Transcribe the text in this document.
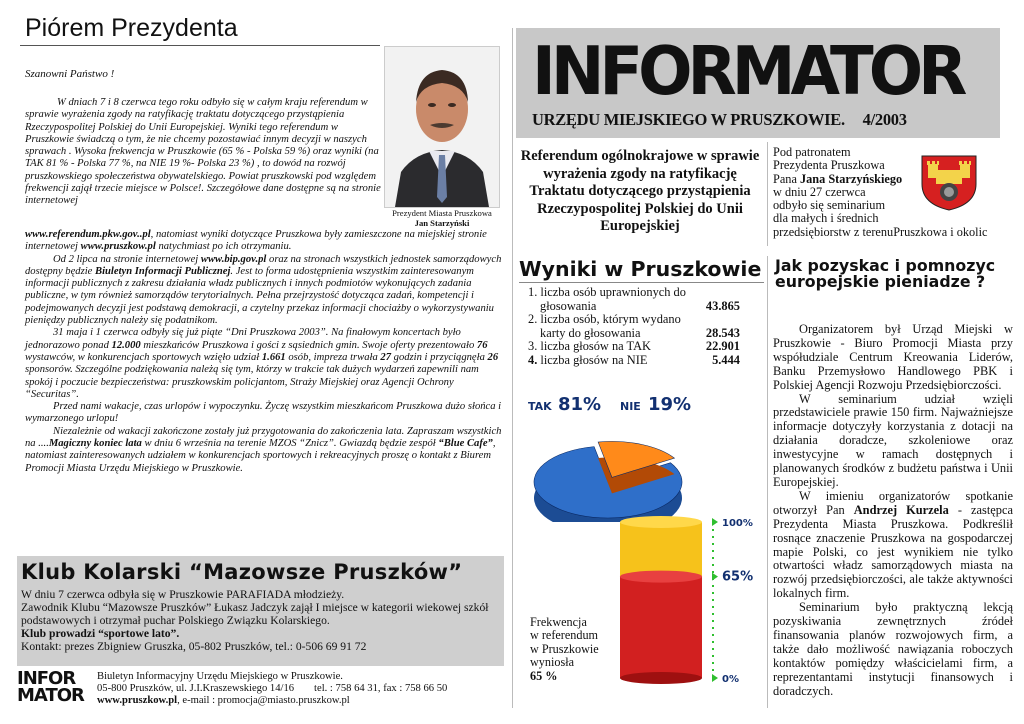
Piórem Prezydenta
Szanowni Państwo !

W dniach 7 i 8 czerwca tego roku odbyło się w całym kraju referendum w sprawie wyrażenia zgody na ratyfikację traktatu dotyczącego przystąpienia Rzeczypospolitej Polskiej do Unii Europejskiej. Wyniki tego referendum w Pruszkowie świadczą o tym, że nie chcemy pozostawiać innym decyzji w naszych sprawach . Wysoka frekwencja w Pruszkowie (65 % - Polska 59 %) oraz wyniki (na TAK 81 % - Polska 77 %, na NIE 19 %- Polska 23 %) , to dowód na rozwój pruszkowskiego społeczeństwa obywatelskiego. Powiat pruszkowski pod względem frekwencji zajął trzecie miejsce w Polsce!. Szczegółowe dane dostępne są na stronie internetowej

www.referendum.pkw.gov..pl, natomiast wyniki dotyczące Pruszkowa były zamieszczone na miejskiej stronie internetowej www.pruszkow.pl natychmiast po ich otrzymaniu.

Od 2 lipca na stronie internetowej www.bip.gov.pl oraz na stronach wszystkich jednostek samorządowych dostępny będzie Biuletyn Informacji Publicznej. Jest to forma udostępnienia wszystkim zainteresowanym informacji publicznych z zakresu działania władz publicznych i innych podmiotów wykonujących zadania publiczne, w tym również samorządów terytorialnych. Pełna przejrzystość dotycząca zadań, kompetencji i podejmowanych decyzji jest podstawą demokracji, a czytelny przekaz informacji chociażby o wykorzystywaniu pieniędzy publicznych należy się podatnikom.

31 maja i 1 czerwca odbyły się już piąte “Dni Pruszkowa 2003”. Na finałowym koncertach było jednorazowo ponad 12.000 mieszkańców Pruszkowa i gości z sąsiednich gmin. Swoje oferty prezentowało 76 wystawców, w konkurencjach sportowych wzięło udział 1.661 osób, impreza trwała 27 godzin i przyciągnęła 26 sponsorów. Szczególne podziękowania należą się tym, którzy w trakcie tak dużych wydarzeń zapewnili nam spokój i poczucie bezpieczeństwa: pruszkowskim policjantom, Straży Miejskiej oraz Agencji Ochrony “Securitas”.

Przed nami wakacje, czas urlopów i wypoczynku. Życzę wszystkim mieszkańcom Pruszkowa dużo słońca i wymarzonego urlopu!

Niezależnie od wakacji zakończone zostały już przygotowania do zakończenia lata. Zapraszam wszystkich na ....Magiczny koniec lata w dniu 6 września na terenie MZOS “Znicz”. Gwiazdą będzie zespół “Blue Cafe”, natomiast zainteresowanych udziałem w konkurencjach sportowych i rekreacyjnych proszę o kontakt z Biurem Promocji Miasta Urzędu Miejskiego w Pruszkowie.

Prezydent Miasta Pruszkowa
Jan Starzyński
Klub Kolarski “Mazowsze Pruszków”
W dniu 7 czerwca odbyła się w Pruszkowie PARAFIADA młodzieży.
Zawodnik Klubu “Mazowsze Pruszków” Łukasz Jadczyk zajął I miejsce w kategorii wiekowej szkół podstawowych i otrzymał puchar Polskiego Związku Kolarskiego.
Klub prowadzi “sportowe lato”.
Kontakt: prezes Zbigniew Gruszka, 05-802 Pruszków, tel.: 0-506 69 91 72
INFOR
MATOR
Biuletyn Informacyjny Urzędu Miejskiego w Pruszkowie.
05-800 Pruszków, ul. J.I.Kraszewskiego 14/16 tel. : 758 64 31, fax : 758 66 50
www.pruszkow.pl, e-mail : promocja@miasto.pruszkow.pl
INFORMATOR
URZĘDU MIEJSKIEGO W PRUSZKOWIE. 4/2003
Referendum ogólnokrajowe w sprawie wyrażenia zgody na ratyfikację Traktatu dotyczącego przystąpienia Rzeczypospolitej Polskiej do Unii Europejskiej
Pod patronatem
Prezydenta Pruszkowa
Pana Jana Starzyńskiego
w dniu 27 czerwca
odbyło się seminarium
dla małych i średnich
przedsiębiorstw z terenuPruszkowa i okolic
Wyniki w Pruszkowie Jak pozyskac i pomnozyc
europejskie pieniadze ?
1. liczba osób uprawnionych do
głosowania	43.865
2. liczba osób, którym wydano
karty do głosowania	28.543
3. liczba głosów na TAK	22.901
4. liczba głosów na NIE	5.444
TAK 81% NIE 19%
100%
65%
0%
Frekwencja
w referendum
w Pruszkowie
wyniosła
65 %

Organizatorem był Urząd Miejski w Pruszkowie - Biuro Promocji Miasta przy współudziale Centrum Kreowania Liderów, Banku Przemysłowo Handlowego PBK i Polskiej Agencji Rozwoju Przedsiębiorczości.

W seminarium udział wzięli przedstawiciele prawie 150 firm. Najważniejsze informacje dotyczyły korzystania z dotacji na działania doradcze, szkoleniowe oraz inwestycyjne w ramach dostępnych i planowanych środków z budżetu państwa i Unii Europejskiej.

W imieniu organizatorów spotkanie otworzył Pan Andrzej Kurzela - zastępca Prezydenta Miasta Pruszkowa. Podkreślił rosnące znaczenie Pruszkowa na gospodarczej mapie Polski, co jest wynikiem nie tylko otwartości władz samorządowych miasta na rozwój przedsiębiorczości, ale także aktywności lokalnych firm.

Seminarium było praktyczną lekcją pozyskiwania zewnętrznych źródeł finansowania planów rozwojowych firm, a także dało możliwość nawiązania roboczych kontaktów pomiędzy właścicielami firm, a reprezentantami instytucji finansowych i doradczych.
